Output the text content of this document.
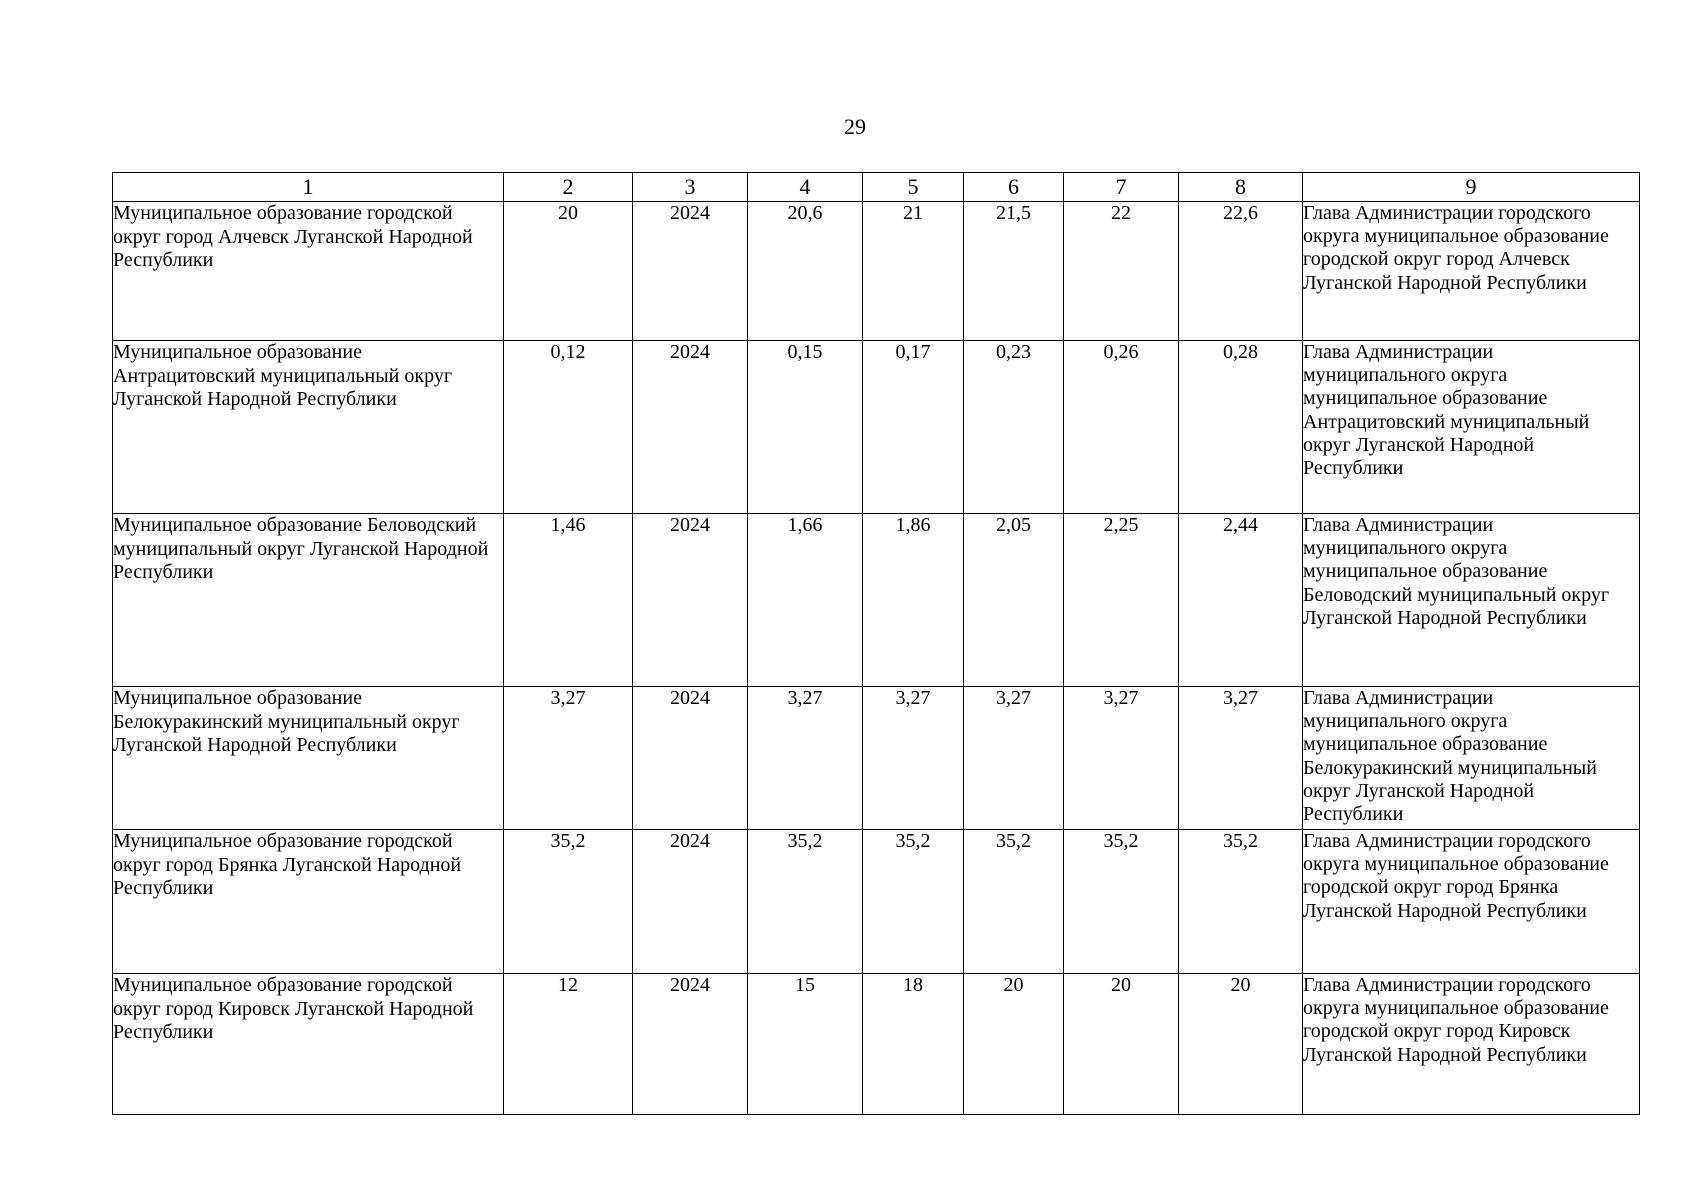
29
1	2	3	4	5	6	7	8	9
Муниципальное образование городской округ город Алчевск Луганской Народной Республики	20	2024	20,6	21	21,5	22	22,6	Глава Администрации городского округа муниципальное образование городской округ город Алчевск Луганской Народной Республики
Муниципальное образование Антрацитовский муниципальный округ Луганской Народной Республики	0,12	2024	0,15	0,17	0,23	0,26	0,28	Глава Администрации муниципального округа муниципальное образование Антрацитовский муниципальный округ Луганской Народной Республики
Муниципальное образование Беловодский муниципальный округ Луганской Народной Республики	1,46	2024	1,66	1,86	2,05	2,25	2,44	Глава Администрации муниципального округа муниципальное образование Беловодский муниципальный округ Луганской Народной Республики
Муниципальное образование Белокуракинский муниципальный округ Луганской Народной Республики	3,27	2024	3,27	3,27	3,27	3,27	3,27	Глава Администрации муниципального округа муниципальное образование Белокуракинский муниципальный округ Луганской Народной Республики
Муниципальное образование городской округ город Брянка Луганской Народной Республики	35,2	2024	35,2	35,2	35,2	35,2	35,2	Глава Администрации городского округа муниципальное образование городской округ город Брянка Луганской Народной Республики
Муниципальное образование городской округ город Кировск Луганской Народной Республики	12	2024	15	18	20	20	20	Глава Администрации городского округа муниципальное образование городской округ город Кировск Луганской Народной Республики
